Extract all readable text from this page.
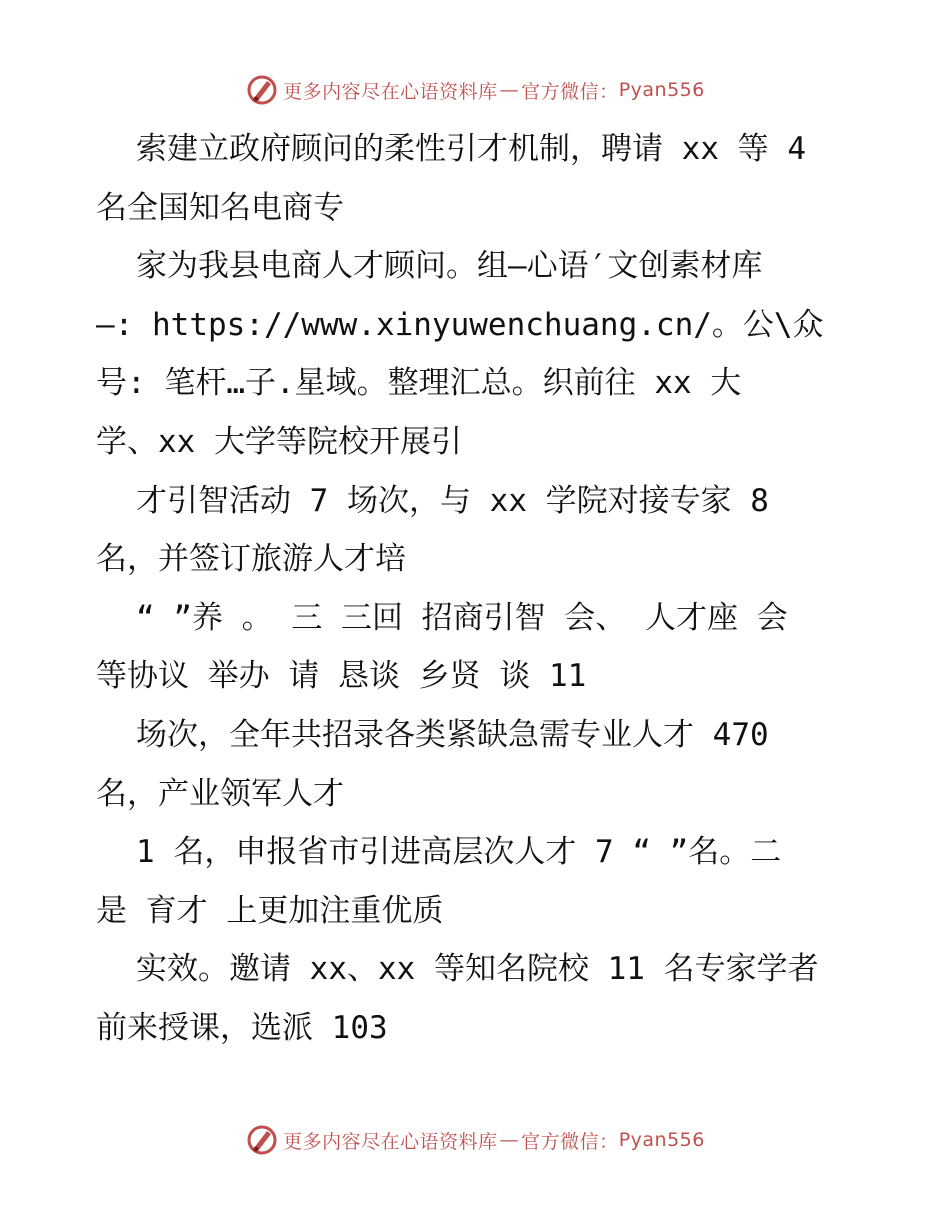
更多内容尽在心语资料库 — 官方微信： Pyan556
索建立政府顾问的柔性引才机制，聘请 xx 等 4
名全国知名电商专
家为我县电商人才顾问。组—心语′文创素材库
—: https://www.xinyuwenchuang.cn/。公\众
号: 笔杆…子.星域。整理汇总。织前往 xx 大
学、xx 大学等院校开展引
才引智活动 7 场次，与 xx 学院对接专家 8
名，并签订旅游人才培
“ ”养 。 三 三回 招商引智 会、 人才座 会
等协议 举办 请 恳谈 乡贤 谈 11
场次，全年共招录各类紧缺急需专业人才 470
名，产业领军人才
1 名，申报省市引进高层次人才 7 “ ”名。二
是 育才 上更加注重优质
实效。邀请 xx、xx 等知名院校 11 名专家学者
前来授课，选派 103
更多内容尽在心语资料库 — 官方微信： Pyan556
